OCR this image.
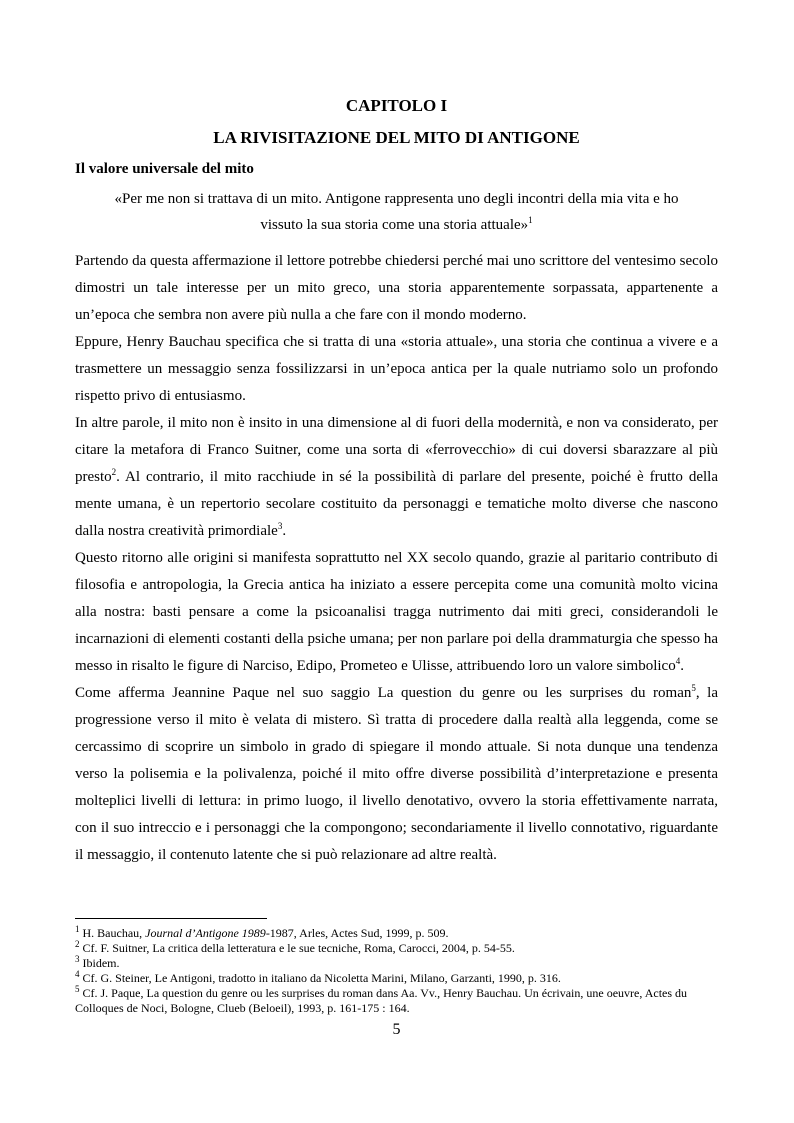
CAPITOLO I
LA RIVISITAZIONE DEL MITO DI ANTIGONE
Il valore universale del mito
«Per me non si trattava di un mito. Antigone rappresenta uno degli incontri della mia vita e ho
vissuto la sua storia come una storia attuale»$^1$

Partendo da questa affermazione il lettore potrebbe chiedersi perché mai uno scrittore del ventesimo secolo dimostri un tale interesse per un mito greco, una storia apparentemente sorpassata, appartenente a un’epoca che sembra non avere più nulla a che fare con il mondo moderno.

Eppure, Henry Bauchau specifica che si tratta di una «storia attuale», una storia che continua a vivere e a trasmettere un messaggio senza fossilizzarsi in un’epoca antica per la quale nutriamo solo un profondo rispetto privo di entusiasmo.

In altre parole, il mito non è insito in una dimensione al di fuori della modernità, e non va considerato, per citare la metafora di Franco Suitner, come una sorta di «ferrovecchio» di cui doversi sbarazzare al più presto$^2$. Al contrario, il mito racchiude in sé la possibilità di parlare del presente, poiché è frutto della mente umana, è un repertorio secolare costituito da personaggi e tematiche molto diverse che nascono dalla nostra creatività primordiale$^3$.

Questo ritorno alle origini si manifesta soprattutto nel XX secolo quando, grazie al paritario contributo di filosofia e antropologia, la Grecia antica ha iniziato a essere percepita come una comunità molto vicina alla nostra: basti pensare a come la psicoanalisi tragga nutrimento dai miti greci, considerandoli le incarnazioni di elementi costanti della psiche umana; per non parlare poi della drammaturgia che spesso ha messo in risalto le figure di Narciso, Edipo, Prometeo e Ulisse, attribuendo loro un valore simbolico$^4$.

Come afferma Jeannine Paque nel suo saggio La question du genre ou les surprises du roman$^5$, la progressione verso il mito è velata di mistero. Sì tratta di procedere dalla realtà alla leggenda, come se cercassimo di scoprire un simbolo in grado di spiegare il mondo attuale. Si nota dunque una tendenza verso la polisemia e la polivalenza, poiché il mito offre diverse possibilità d’interpretazione e presenta molteplici livelli di lettura: in primo luogo, il livello denotativo, ovvero la storia effettivamente narrata, con il suo intreccio e i personaggi che la compongono; secondariamente il livello connotativo, riguardante il messaggio, il contenuto latente che si può relazionare ad altre realtà.

$^1$ H. Bauchau, Journal d’Antigone 1989-1987, Arles, Actes Sud, 1999, p. 509.
$^2$ Cf. F. Suitner, La critica della letteratura e le sue tecniche, Roma, Carocci, 2004, p. 54-55.
$^3$ Ibidem.
$^4$ Cf. G. Steiner, Le Antigoni, tradotto in italiano da Nicoletta Marini, Milano, Garzanti, 1990, p. 316.
$^5$ Cf. J. Paque, La question du genre ou les surprises du roman dans Aa. Vv., Henry Bauchau. Un écrivain, une oeuvre, Actes du Colloques de Noci, Bologne, Clueb (Beloeil), 1993, p. 161-175 : 164.
5
